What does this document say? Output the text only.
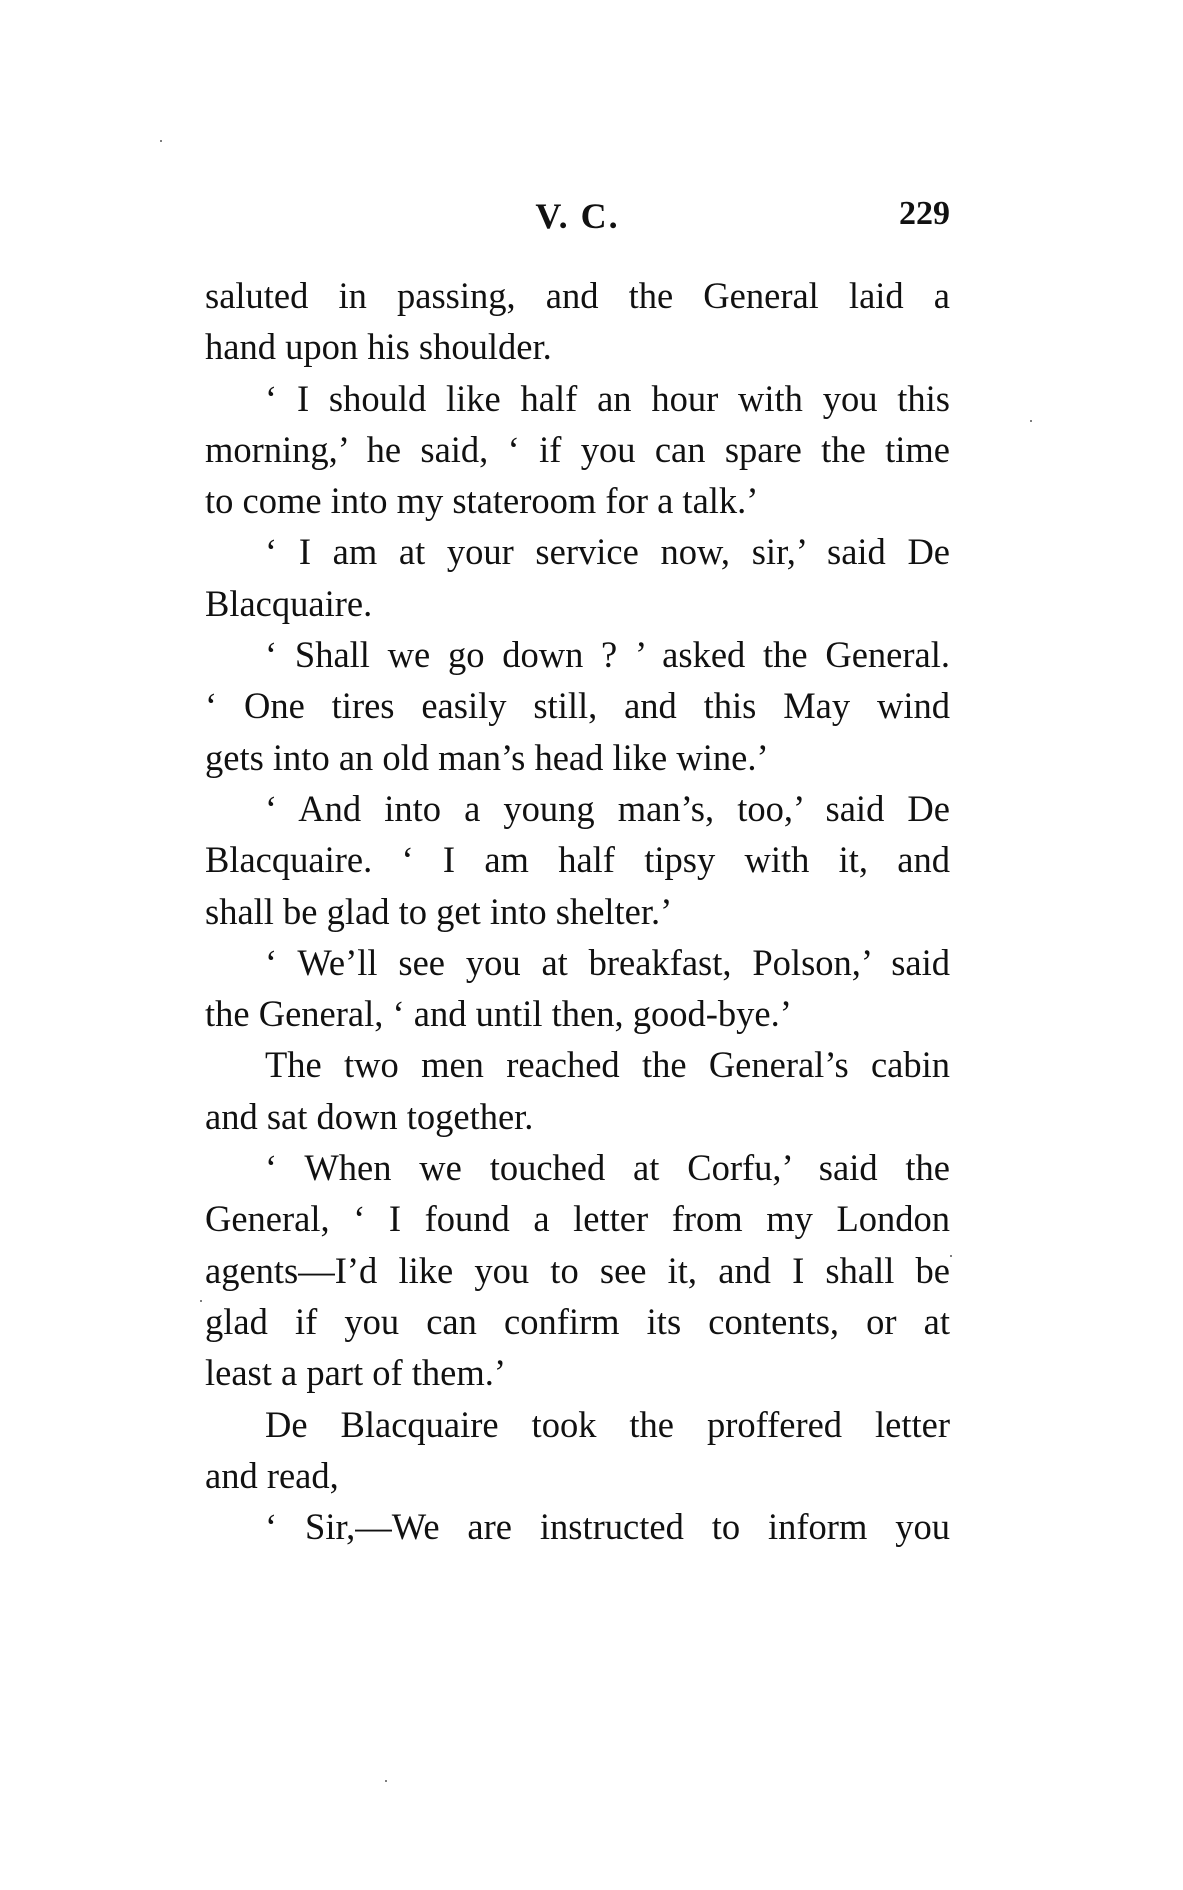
V. C.	229
saluted in passing, and the General laid a
hand upon his shoulder.
‘ I should like half an hour with you this
morning,’ he said, ‘ if you can spare the time
to come into my stateroom for a talk.’
‘ I am at your service now, sir,’ said De
Blacquaire.
‘ Shall we go down ? ’ asked the General.
‘ One tires easily still, and this May wind
gets into an old man’s head like wine.’
‘ And into a young man’s, too,’ said De
Blacquaire. ‘ I am half tipsy with it, and
shall be glad to get into shelter.’
‘ We’ll see you at breakfast, Polson,’ said
the General, ‘ and until then, good-bye.’
The two men reached the General’s cabin
and sat down together.
‘ When we touched at Corfu,’ said the
General, ‘ I found a letter from my London
agents—I’d like you to see it, and I shall be
glad if you can confirm its contents, or at
least a part of them.’
De Blacquaire took the proffered letter
and read,
‘ Sir,—We are instructed to inform you
